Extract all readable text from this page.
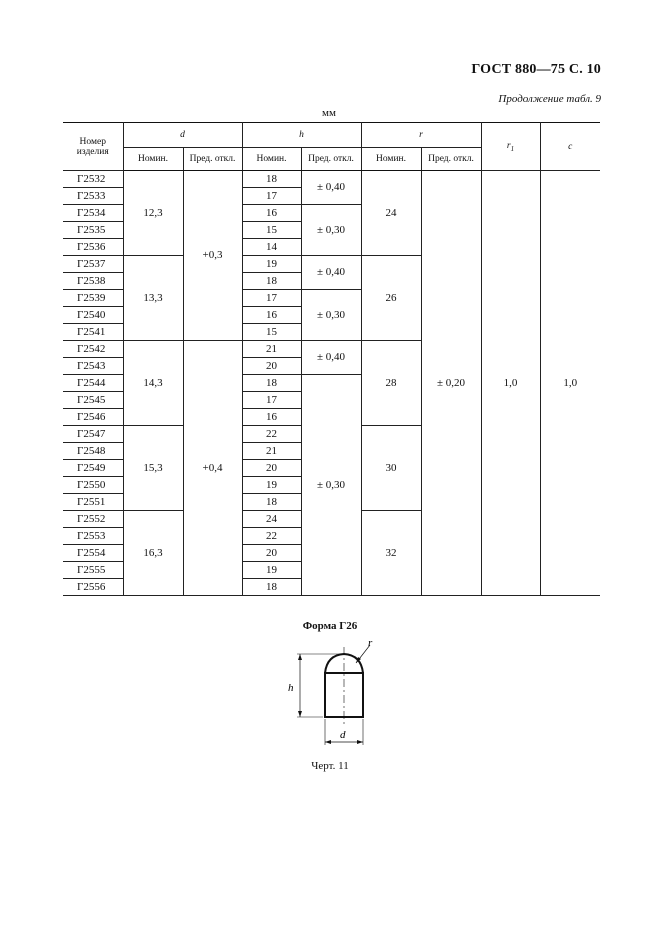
ГОСТ 880—75 С. 10
Продолжение табл. 9
мм
Номер изделия	d		h		r		$r_1$	c
	Номин.	Пред. откл.	Номин.	Пред. откл.	Номин.	Пред. откл.		
Г2532	12,3	+0,3	18	± 0,40	24	± 0,20	1,0	1,0
Г2533			17					
Г2534			16	± 0,30				
Г2535			15					
Г2536			14					
Г2537	13,3		19	± 0,40	26			
Г2538			18					
Г2539			17	± 0,30				
Г2540			16					
Г2541			15					
Г2542	14,3	+0,4	21	± 0,40	28			
Г2543			20					
Г2544			18	± 0,30				
Г2545			17					
Г2546			16					
Г2547	15,3		22		30			
Г2548			21					
Г2549			20					
Г2550			19					
Г2551			18					
Г2552	16,3		24		32			
Г2553			22					
Г2554			20					
Г2555			19					
Г2556			18					
Форма Г26
h
d
r
Черт. 11
